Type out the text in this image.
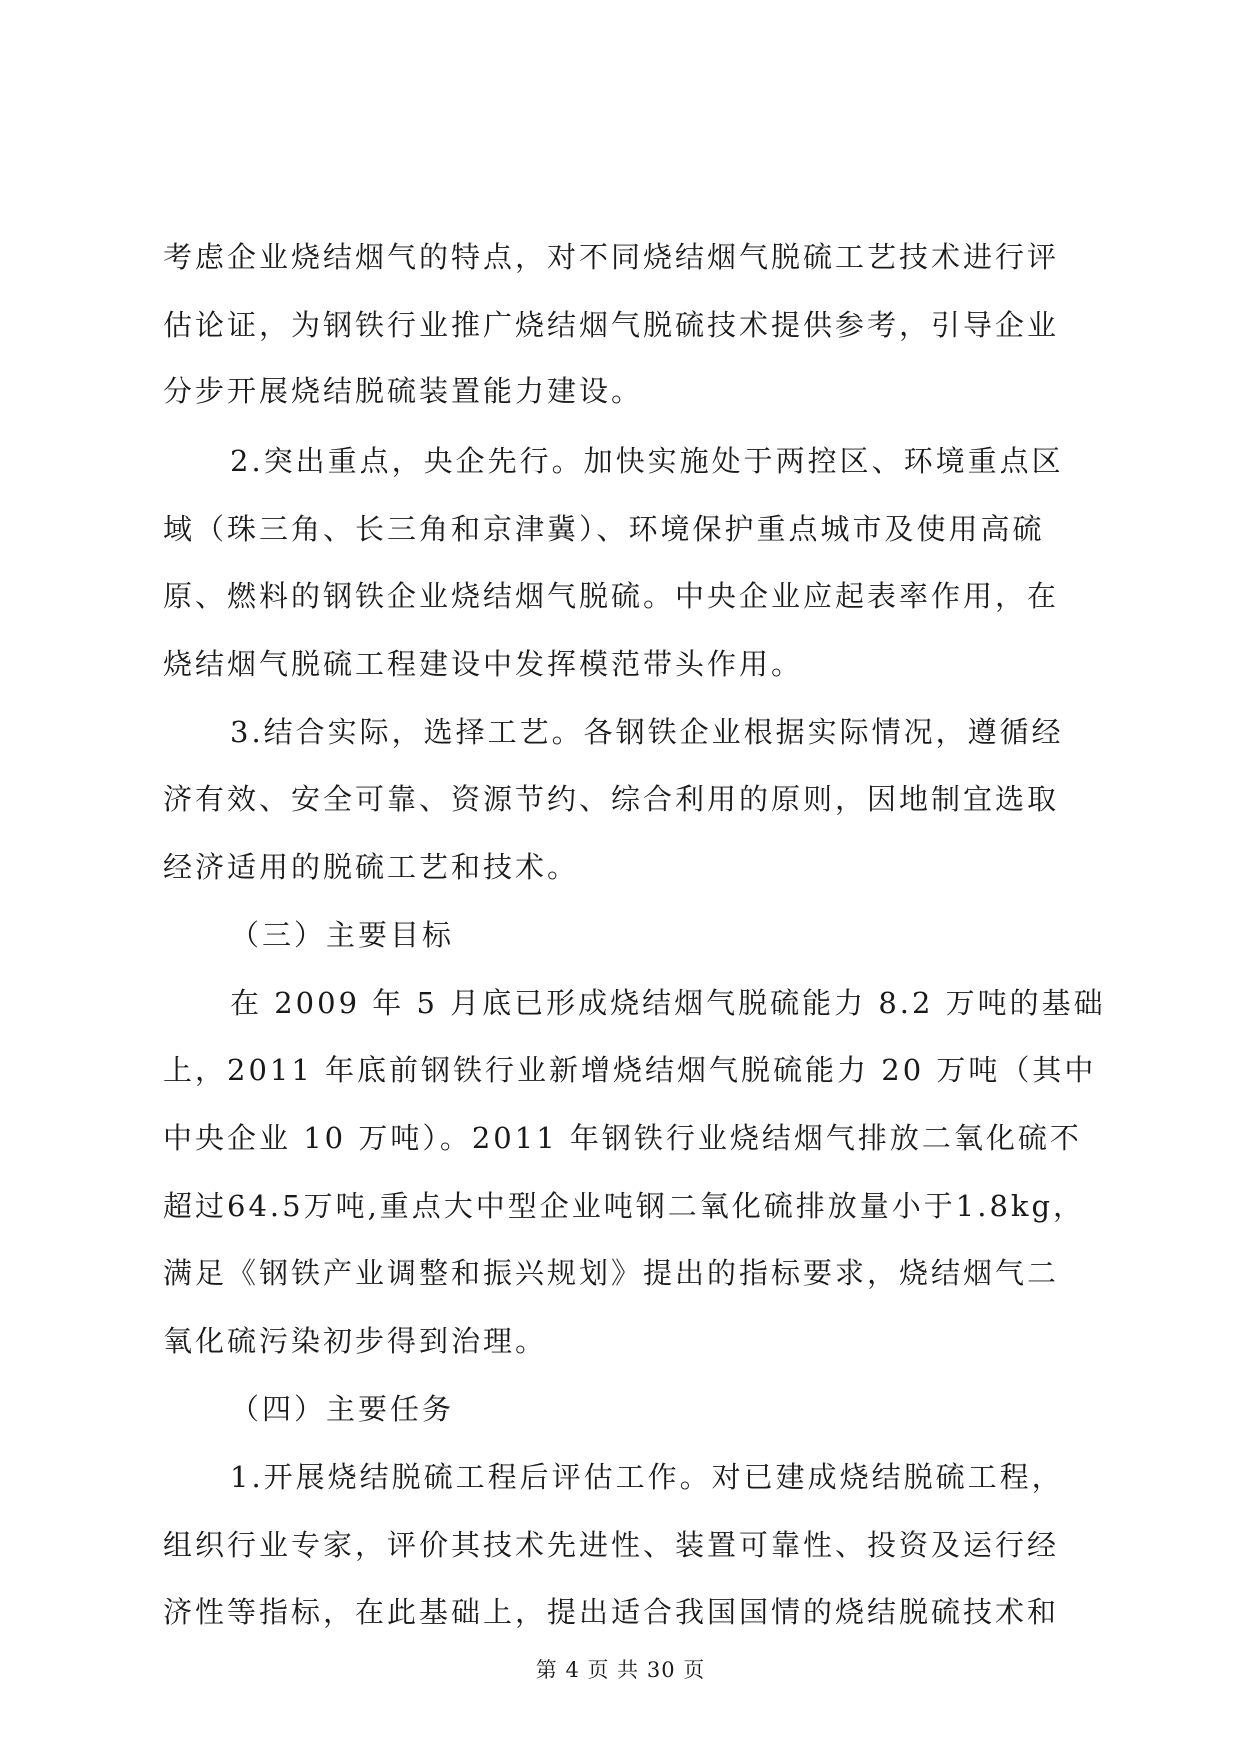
考虑企业烧结烟气的特点，对不同烧结烟气脱硫工艺技术进行评
估论证，为钢铁行业推广烧结烟气脱硫技术提供参考，引导企业
分步开展烧结脱硫装置能力建设。
2.突出重点，央企先行。加快实施处于两控区、环境重点区
域（珠三角、长三角和京津冀）、环境保护重点城市及使用高硫
原、燃料的钢铁企业烧结烟气脱硫。中央企业应起表率作用，在
烧结烟气脱硫工程建设中发挥模范带头作用。
3.结合实际，选择工艺。各钢铁企业根据实际情况，遵循经
济有效、安全可靠、资源节约、综合利用的原则，因地制宜选取
经济适用的脱硫工艺和技术。
（三）主要目标
在 2009 年 5 月底已形成烧结烟气脱硫能力 8.2 万吨的基础
上，2011 年底前钢铁行业新增烧结烟气脱硫能力 20 万吨（其中
中央企业 10 万吨）。2011 年钢铁行业烧结烟气排放二氧化硫不
超过64.5万吨,重点大中型企业吨钢二氧化硫排放量小于1.8kg，
满足《钢铁产业调整和振兴规划》提出的指标要求，烧结烟气二
氧化硫污染初步得到治理。
（四）主要任务
1.开展烧结脱硫工程后评估工作。对已建成烧结脱硫工程，
组织行业专家，评价其技术先进性、装置可靠性、投资及运行经
济性等指标，在此基础上，提出适合我国国情的烧结脱硫技术和
第 4 页 共 30 页
